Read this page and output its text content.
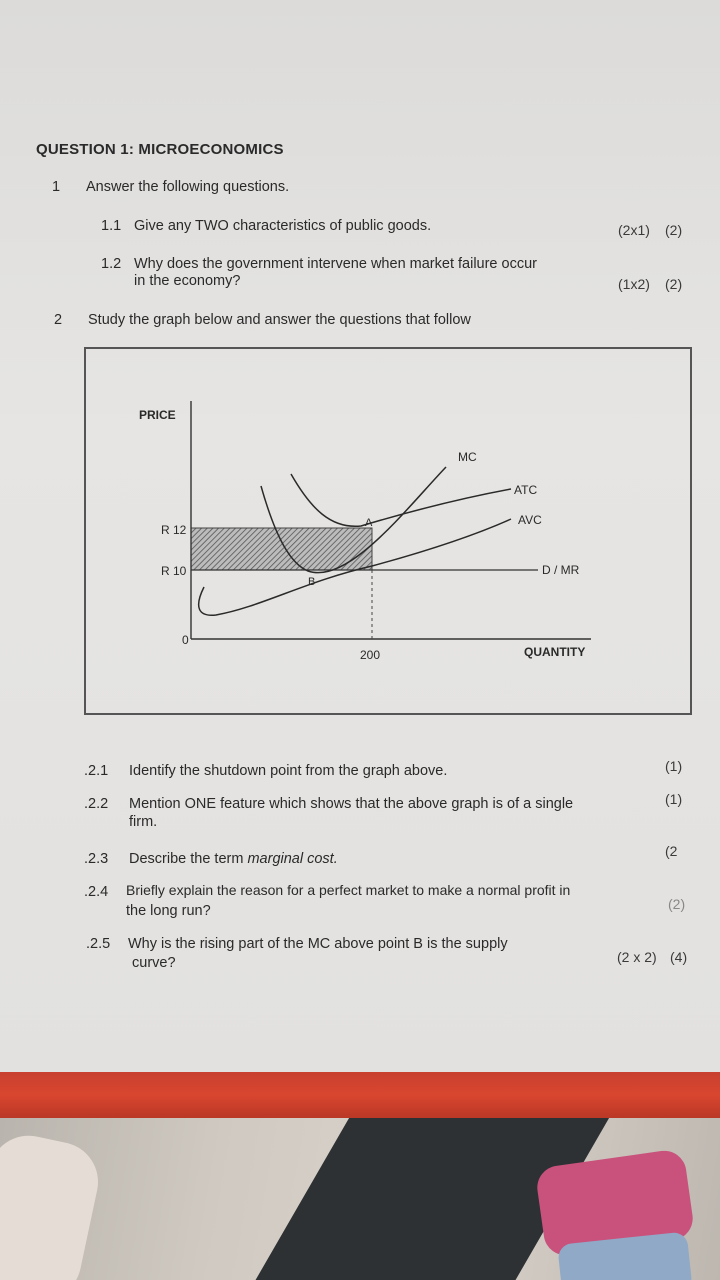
QUESTION 1: MICROECONOMICS
1 Answer the following questions.
1.1 Give any TWO characteristics of public goods.	(2x1) (2)
1.2 Why does the government intervene when market failure occur
in the economy?	(1x2) (2)
2 Study the graph below and answer the questions that follow
PRICE
QUANTITY
0
200
R 12
R 10
MC
ATC
AVC
D / MR
A
B
.2.1 Identify the shutdown point from the graph above.	(1)
.2.2 Mention ONE feature which shows that the above graph is of a single
firm.
(1)
.2.3 Describe the term marginal cost.	(2
.2.4 Briefly explain the reason for a perfect market to make a normal profit in
the long run?	(2)
.2.5 Why is the rising part of the MC above point B is the supply
curve?	(2 x 2) (4)
